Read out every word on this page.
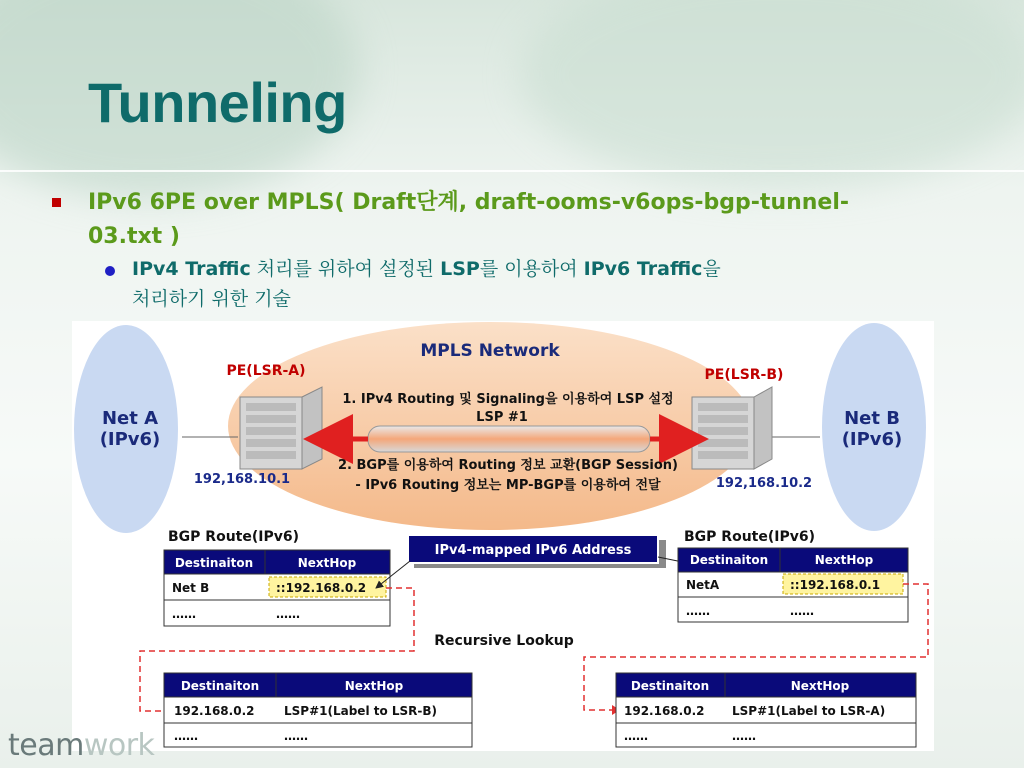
Tunneling
IPv6 6PE over MPLS( Draft단계, draft-ooms-v6ops-bgp-tunnel-
03.txt )
IPv4 Traffic 처리를 위하여 설정된 LSP를 이용하여 IPv6 Traffic을
처리하기 위한 기술
MPLS Network
Net A
(IPv6)
Net B
(IPv6)
PE(LSR-A)	PE(LSR-B)
1. IPv4 Routing 및 Signaling을 이용하여 LSP 설정
LSP #1
2. BGP를 이용하여 Routing 정보 교환(BGP Session)
- IPv6 Routing 정보는 MP-BGP를 이용하여 전달
192,168.10.1	192,168.10.2
BGP Route(IPv6)
Destinaiton	NextHop
Net B	::192.168.0.2
……	……
IPv4-mapped IPv6 Address
BGP Route(IPv6)
Destinaiton	NextHop
NetA	::192.168.0.1
……	……
Recursive Lookup
Destinaiton	NextHop
192.168.0.2 LSP#1(Label to LSR-B)
……	……
Destinaiton	NextHop
192.168.0.2 LSP#1(Label to LSR-A)
……	……
teamwork
